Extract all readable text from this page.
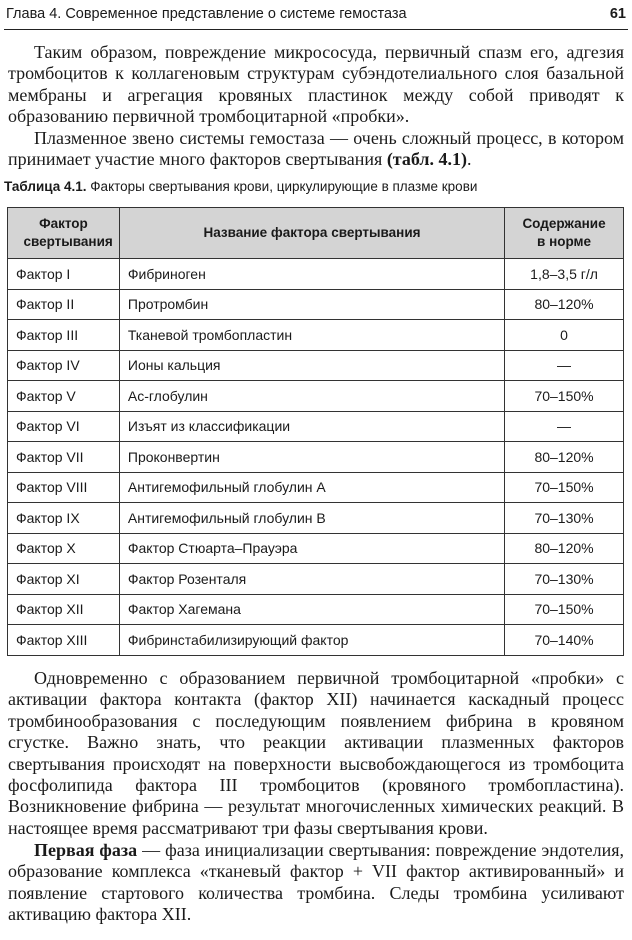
Глава 4. Современное представление о системе гемостаза	61

Таким образом, повреждение микрососуда, первичный спазм его, адгезия тромбоцитов к коллагеновым структурам субэндотелиального слоя базальной мембраны и агрегация кровяных пластинок между собой приводят к образованию первичной тромбоцитарной «пробки».

Плазменное звено системы гемостаза — очень сложный процесс, в котором принимает участие много факторов свертывания (табл. 4.1).

Таблица 4.1. Факторы свертывания крови, циркулирующие в плазме крови
Фактор свертывания	Название фактора свертывания	Содержание в норме
Фактор I	Фибриноген	1,8–3,5 г/л
Фактор II	Протромбин	80–120%
Фактор III	Тканевой тромбопластин	0
Фактор IV	Ионы кальция	—
Фактор V	Ас-глобулин	70–150%
Фактор VI	Изъят из классификации	—
Фактор VII	Проконвертин	80–120%
Фактор VIII	Антигемофильный глобулин А	70–150%
Фактор IX	Антигемофильный глобулин В	70–130%
Фактор X	Фактор Стюарта–Прауэра	80–120%
Фактор XI	Фактор Розенталя	70–130%
Фактор XII	Фактор Хагемана	70–150%
Фактор XIII	Фибринстабилизирующий фактор	70–140%

Одновременно с образованием первичной тромбоцитарной «пробки» с активации фактора контакта (фактор XII) начинается каскадный процесс тромбинообразования с последующим появлением фибрина в кровяном сгустке. Важно знать, что реакции активации плазменных факторов свертывания происходят на поверхности высвобождающегося из тромбоцита фосфолипида фактора III тромбоцитов (кровяного тромбопластина). Возникновение фибрина — результат многочисленных химических реакций. В настоящее время рассматривают три фазы свертывания крови.

Первая фаза — фаза инициализации свертывания: повреждение эндотелия, образование комплекса «тканевый фактор + VII фактор активированный» и появление стартового количества тромбина. Следы тромбина усиливают активацию фактора XII.
